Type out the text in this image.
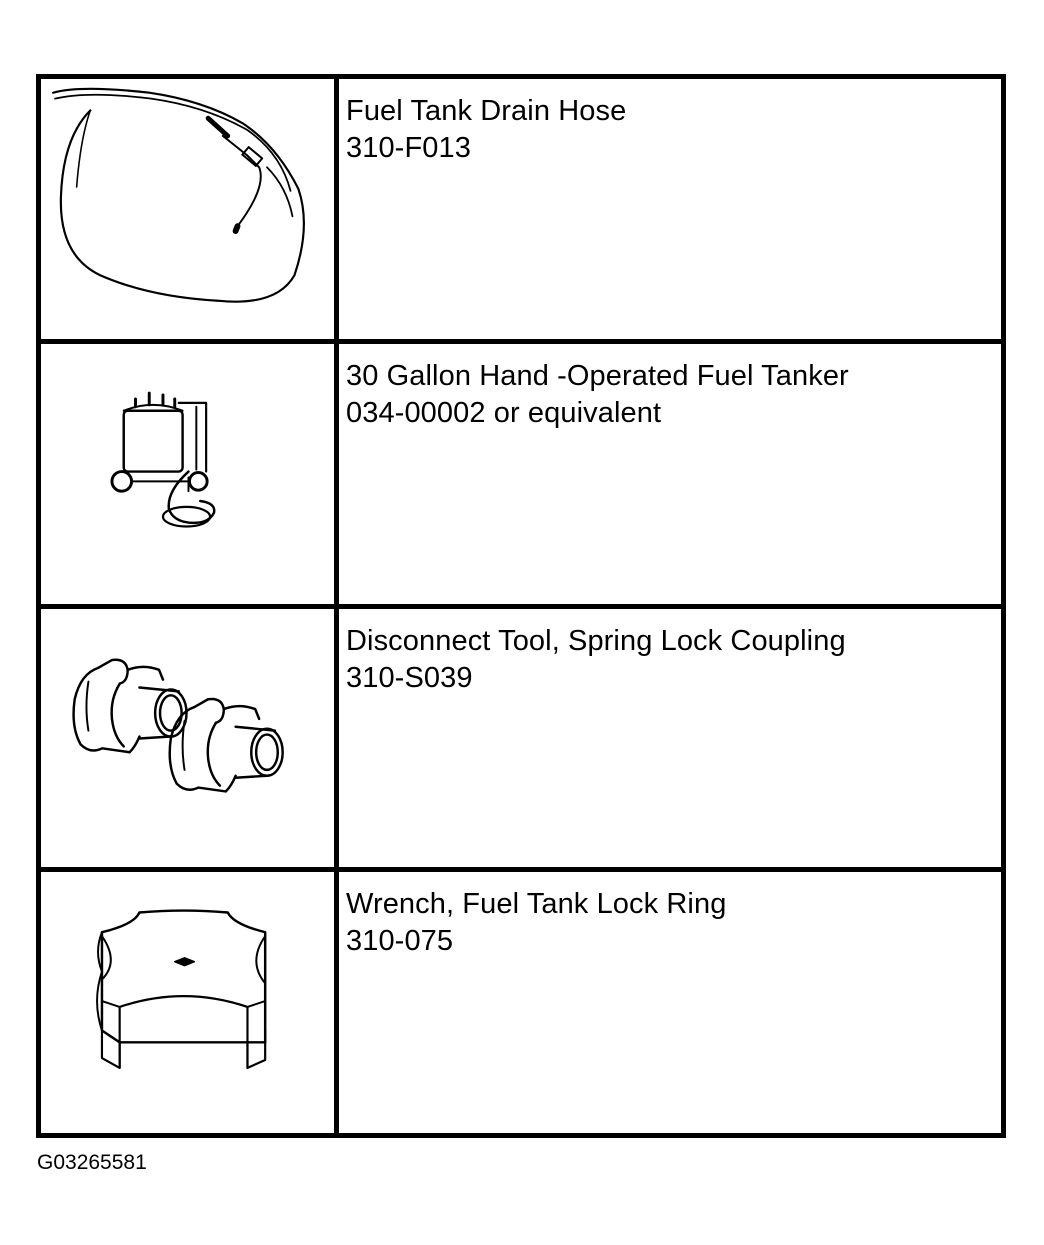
Fuel Tank Drain Hose
310-F013
30 Gallon Hand -Operated Fuel Tanker
034-00002 or equivalent
Disconnect Tool, Spring Lock Coupling
310-S039
Wrench, Fuel Tank Lock Ring
310-075
G03265581
